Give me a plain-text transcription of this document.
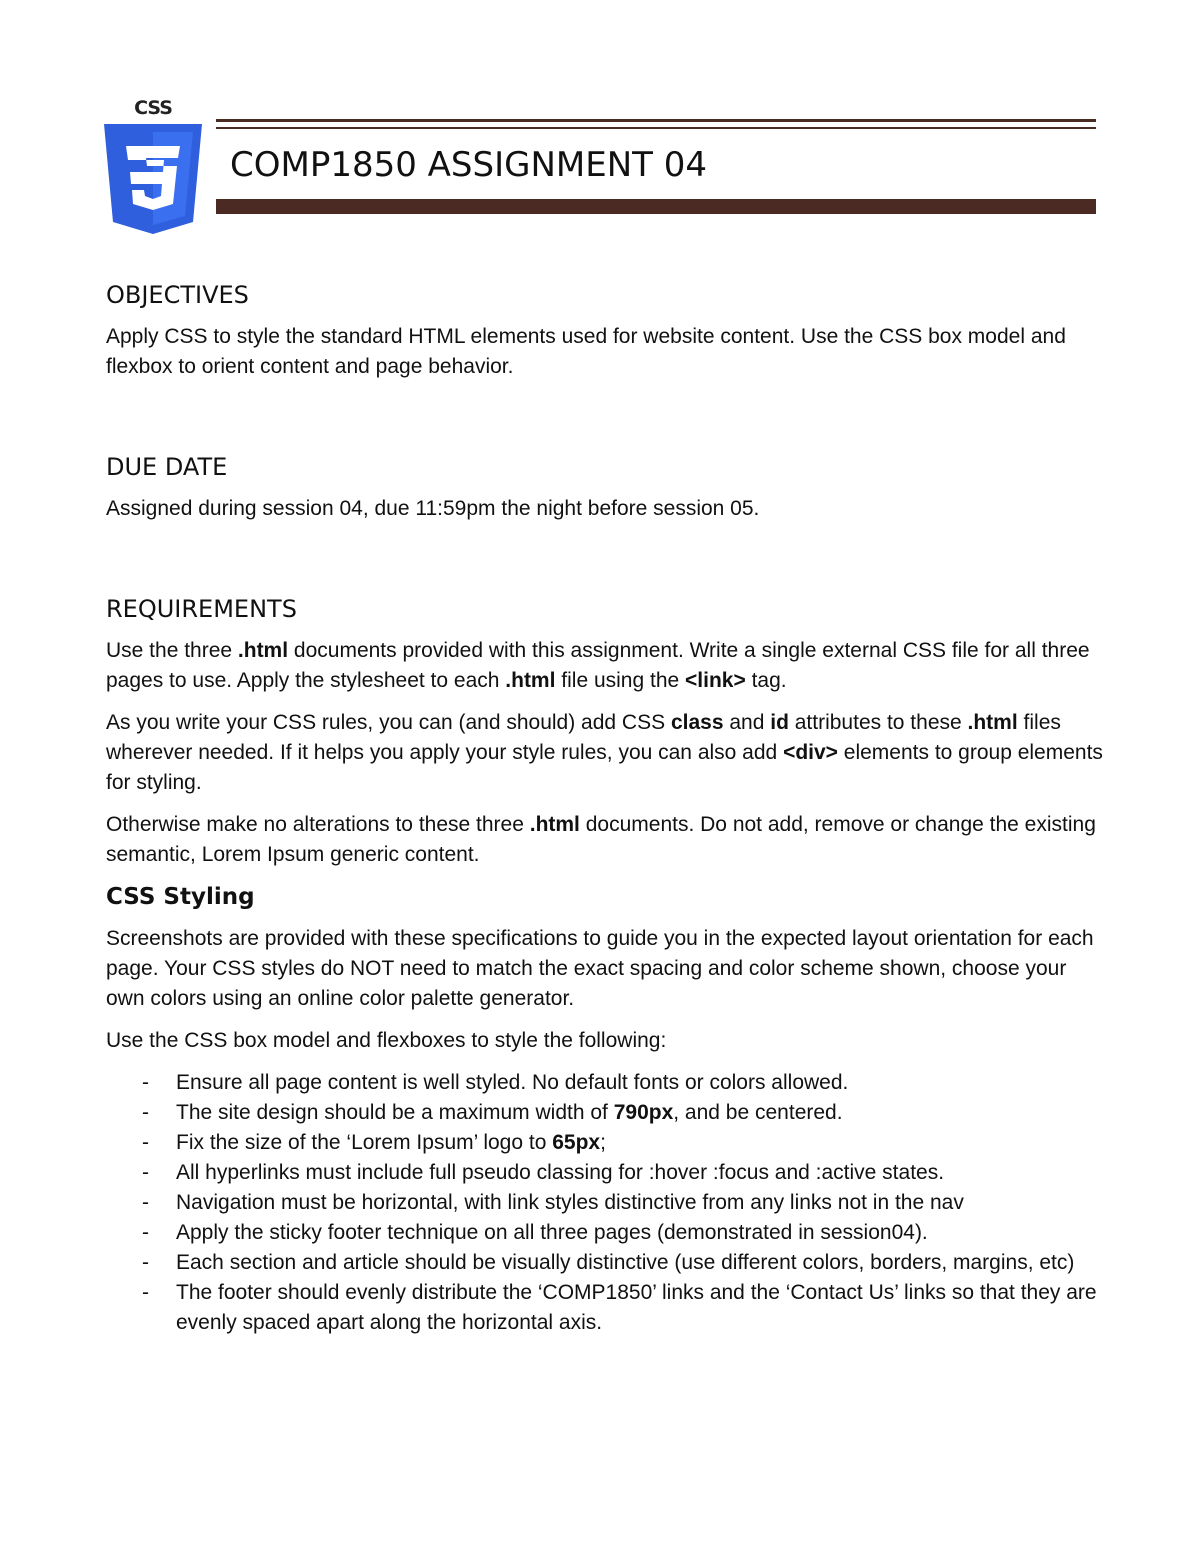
CSS
COMP1850 ASSIGNMENT 04
OBJECTIVES

Apply CSS to style the standard HTML elements used for website content. Use the CSS box model and flexbox to orient content and page behavior.

DUE DATE

Assigned during session 04, due 11:59pm the night before session 05.

REQUIREMENTS

Use the three .html documents provided with this assignment. Write a single external CSS file for all three pages to use. Apply the stylesheet to each .html file using the <link> tag.

As you write your CSS rules, you can (and should) add CSS class and id attributes to these .html files wherever needed. If it helps you apply your style rules, you can also add <div> elements to group elements for styling.

Otherwise make no alterations to these three .html documents. Do not add, remove or change the existing semantic, Lorem Ipsum generic content.

CSS Styling

Screenshots are provided with these specifications to guide you in the expected layout orientation for each page. Your CSS styles do NOT need to match the exact spacing and color scheme shown, choose your own colors using an online color palette generator.

Use the CSS box model and flexboxes to style the following:

- Ensure all page content is well styled. No default fonts or colors allowed.
- The site design should be a maximum width of 790px, and be centered.
- Fix the size of the ‘Lorem Ipsum’ logo to 65px;
- All hyperlinks must include full pseudo classing for :hover :focus and :active states.
- Navigation must be horizontal, with link styles distinctive from any links not in the nav
- Apply the sticky footer technique on all three pages (demonstrated in session04).
- Each section and article should be visually distinctive (use different colors, borders, margins, etc)
- The footer should evenly distribute the ‘COMP1850’ links and the ‘Contact Us’ links so that they are evenly spaced apart along the horizontal axis.
